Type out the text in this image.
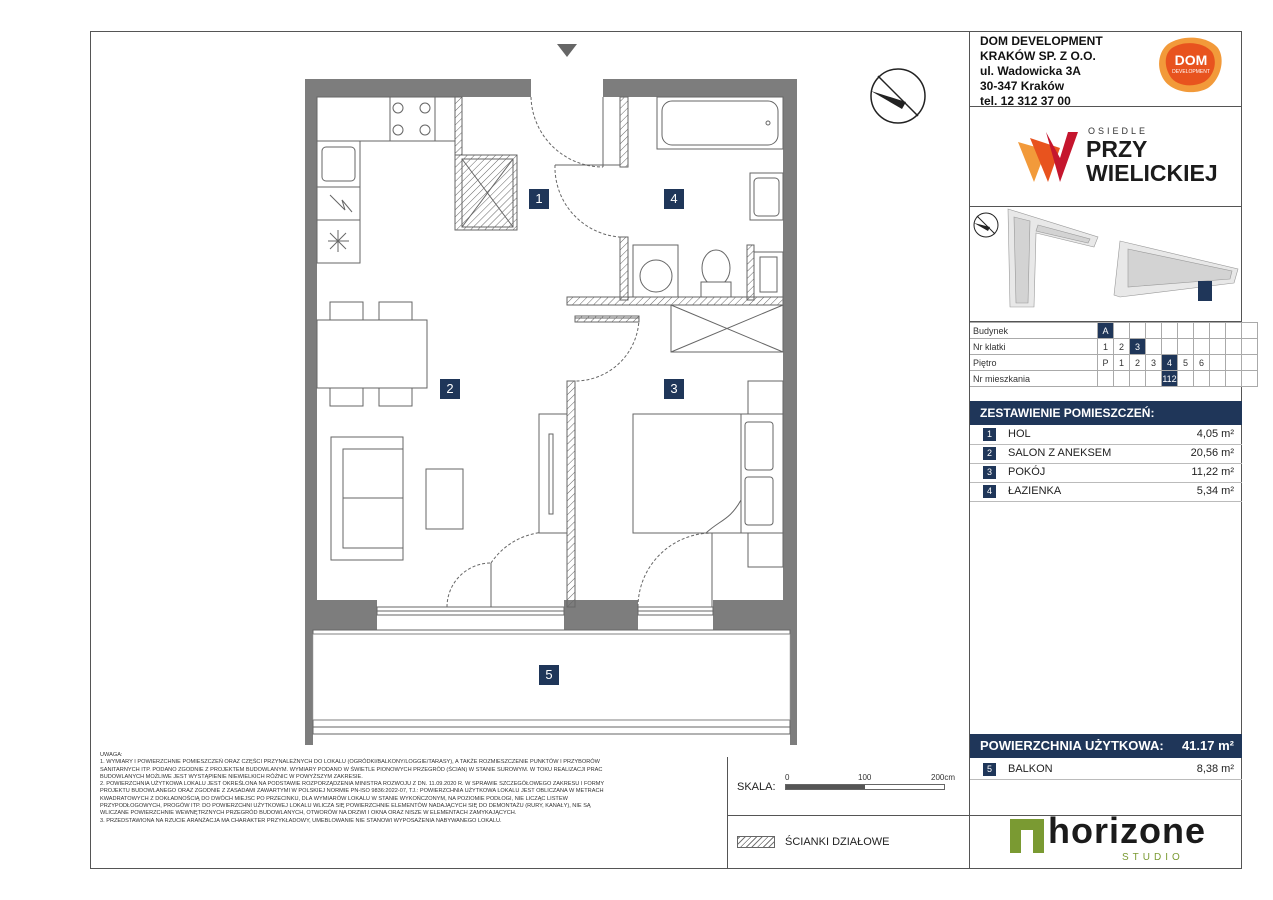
1
2	3
4
5
DOM DEVELOPMENT
KRAKÓW SP. Z O.O.
ul. Wadowicka 3A
30-347 Kraków
tel. 12 312 37 00
DOM
DEVELOPMENT
OSIEDLE
PRZY
WIELICKIEJ
Budynek	A									
Nr klatki	1	2	3							
Piętro	P	1	2	3	4	5	6			
Nr mieszkania					112					
ZESTAWIENIE POMIESZCZEŃ:
1	HOL	4,05 m²
2	SALON Z ANEKSEM	20,56 m²
3	POKÓJ	11,22 m²
4	ŁAZIENKA	5,34 m²
POWIERZCHNIA UŻYTKOWA: 41.17 m²
5	BALKON	8,38 m²

UWAGA:

1. WYMIARY I POWIERZCHNIE POMIESZCZEŃ ORAZ CZĘŚCI PRZYNALEŻNYCH DO LOKALU (OGRÓDKI/BALKONY/LOGGIE/TARASY), A TAKŻE ROZMIESZCZENIE PUNKTÓW I PRZYBORÓW

SANITARNYCH ITP. PODANO ZGODNIE Z PROJEKTEM BUDOWLANYM. WYMIARY PODANO W ŚWIETLE PIONOWYCH PRZEGRÓD (ŚCIAN) W STANIE SUROWYM. W TOKU REALIZACJI PRAC

BUDOWLANYCH MOŻLIWE JEST WYSTĄPIENIE NIEWIELKICH RÓŻNIC W POWYŻSZYM ZAKRESIE.

2. POWIERZCHNIA UŻYTKOWA LOKALU JEST OKREŚLONA NA PODSTAWIE ROZPORZĄDZENIA MINISTRA ROZWOJU Z DN. 11.09.2020 R. W SPRAWIE SZCZEGÓŁOWEGO ZAKRESU I FORMY

PROJEKTU BUDOWLANEGO ORAZ ZGODNIE Z ZASADAMI ZAWARTYMI W POLSKIEJ NORMIE PN-ISO 9836:2022-07, TJ.: POWIERZCHNIA UŻYTKOWA LOKALU JEST OBLICZANA W METRACH

KWADRATOWYCH Z DOKŁADNOŚCIĄ DO DWÓCH MIEJSC PO PRZECINKU, DLA WYMIARÓW LOKALU W STANIE WYKOŃCZONYM, NA POZIOMIE PODŁOGI, NIE LICZĄC LISTEW

PRZYPODŁOGOWYCH, PROGÓW ITP. DO POWIERZCHNI UŻYTKOWEJ LOKALU WLICZA SIĘ POWIERZCHNIE ELEMENTÓW NADAJĄCYCH SIĘ DO DEMONTAŻU (RURY, KANAŁY), NIE SĄ

WLICZANE POWIERZCHNIE WEWNĘTRZNYCH PRZEGRÓD BUDOWLANYCH, OTWORÓW NA DRZWI I OKNA ORAZ NISZE W ELEMENTACH ZAMYKAJĄCYCH.

3. PRZEDSTAWIONA NA RZUCIE ARANŻACJA MA CHARAKTER PRZYKŁADOWY, UMEBLOWANIE NIE STANOWI WYPOSAŻENIA NABYWANEGO LOKALU.

SKALA:
0	100	200cm
ŚCIANKI DZIAŁOWE	horizone
STUDIO
